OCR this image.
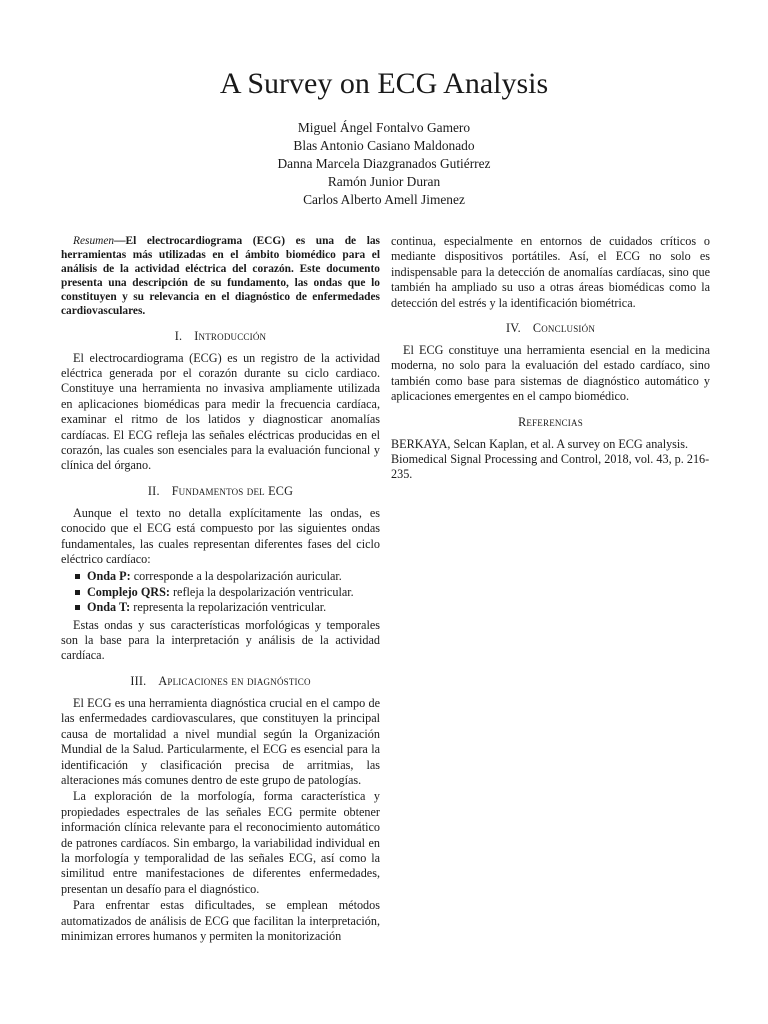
A Survey on ECG Analysis
Miguel Ángel Fontalvo Gamero
Blas Antonio Casiano Maldonado
Danna Marcela Diazgranados Gutiérrez
Ramón Junior Duran
Carlos Alberto Amell Jimenez

Resumen—El electrocardiograma (ECG) es una de las herramientas más utilizadas en el ámbito biomédico para el análisis de la actividad eléctrica del corazón. Este documento presenta una descripción de su fundamento, las ondas que lo constituyen y su relevancia en el diagnóstico de enfermedades cardiovasculares.

I. Introducción

El electrocardiograma (ECG) es un registro de la actividad eléctrica generada por el corazón durante su ciclo cardiaco. Constituye una herramienta no invasiva ampliamente utilizada en aplicaciones biomédicas para medir la frecuencia cardíaca, examinar el ritmo de los latidos y diagnosticar anomalías cardíacas. El ECG refleja las señales eléctricas producidas en el corazón, las cuales son esenciales para la evaluación funcional y clínica del órgano.

II. Fundamentos del ECG

Aunque el texto no detalla explícitamente las ondas, es conocido que el ECG está compuesto por las siguientes ondas fundamentales, las cuales representan diferentes fases del ciclo eléctrico cardíaco:

Onda P: corresponde a la despolarización auricular.
Complejo QRS: refleja la despolarización ventricular.
Onda T: representa la repolarización ventricular.

Estas ondas y sus características morfológicas y temporales son la base para la interpretación y análisis de la actividad cardíaca.

III. Aplicaciones en diagnóstico

El ECG es una herramienta diagnóstica crucial en el campo de las enfermedades cardiovasculares, que constituyen la principal causa de mortalidad a nivel mundial según la Organización Mundial de la Salud. Particularmente, el ECG es esencial para la identificación y clasificación precisa de arritmias, las alteraciones más comunes dentro de este grupo de patologías.

La exploración de la morfología, forma característica y propiedades espectrales de las señales ECG permite obtener información clínica relevante para el reconocimiento automático de patrones cardíacos. Sin embargo, la variabilidad individual en la morfología y temporalidad de las señales ECG, así como la similitud entre manifestaciones de diferentes enfermedades, presentan un desafío para el diagnóstico.

Para enfrentar estas dificultades, se emplean métodos automatizados de análisis de ECG que facilitan la interpretación, minimizan errores humanos y permiten la monitorización

continua, especialmente en entornos de cuidados críticos o mediante dispositivos portátiles. Así, el ECG no solo es indispensable para la detección de anomalías cardíacas, sino que también ha ampliado su uso a otras áreas biomédicas como la detección del estrés y la identificación biométrica.

IV. Conclusión

El ECG constituye una herramienta esencial en la medicina moderna, no solo para la evaluación del estado cardíaco, sino también como base para sistemas de diagnóstico automático y aplicaciones emergentes en el campo biomédico.

Referencias

BERKAYA, Selcan Kaplan, et al. A survey on ECG analysis. Biomedical Signal Processing and Control, 2018, vol. 43, p. 216-235.
